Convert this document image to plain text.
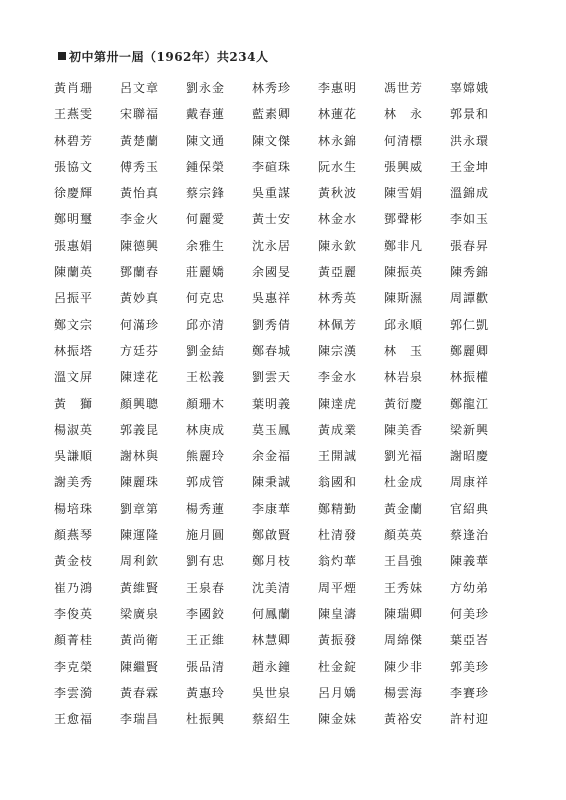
初中第卅一屆（1962年）共234人
黃肖珊	呂文章	劉永金	林秀珍	李惠明	馮世芳	辜嫦娥
王燕雯	宋聯福	戴春蓮	藍素卿	林蓮花	林　永	郭景和
林碧芳	黃楚蘭	陳文通	陳文傑	林永錦	何清標	洪永環
張協文	傅秀玉	鍾保榮	李碹珠	阮水生	張興威	王金坤
徐慶輝	黃怡真	蔡宗鋒	吳重謀	黃秋波	陳雪娟	溫錦成
鄭明璽	李金火	何麗愛	黃士安	林金水	鄧聲彬	李如玉
張惠娟	陳德興	余雅生	沈永居	陳永欽	鄭非凡	張春昇
陳蘭英	鄧蘭春	莊麗嬌	余國旻	黃亞麗	陳振英	陳秀錦
呂振平	黃妙真	何克忠	吳惠祥	林秀英	陳斯濕	周譚歡
鄭文宗	何滿珍	邱亦清	劉秀倩	林佩芳	邱永順	郭仁凱
林振塔	方廷芬	劉金結	鄭春城	陳宗漢	林　玉	鄭麗卿
溫文屏	陳達花	王松義	劉雲天	李金水	林岩泉	林振權
黃　獅	顏興聰	顏珊木	葉明義	陳達虎	黃衍慶	鄭龍江
楊淑英	郭義昆	林庚成	莫玉鳳	黃成業	陳美香	梁新興
吳謙順	謝林與	熊麗玲	余金福	王開誠	劉光福	謝昭慶
謝美秀	陳麗珠	郭成管	陳秉誠	翁國和	杜金成	周康祥
楊培珠	劉章第	楊秀蓮	李康華	鄭精勤	黃金蘭	官紹典
顏燕琴	陳運隆	施月圓	鄭啟賢	杜清發	顏英英	蔡逢治
黃金枝	周利欽	劉有忠	鄭月枝	翁灼華	王昌強	陳義華
崔乃鴻	黃維賢	王泉春	沈美清	周平煙	王秀妹	方幼弟
李俊英	梁廣泉	李國鉸	何鳳蘭	陳皇濤	陳瑞卿	何美珍
顏菁桂	黃尚衛	王正維	林慧卿	黃振發	周綿傑	葉亞峇
李克榮	陳繼賢	張品清	趙永鐘	杜金錠	陳少非	郭美珍
李雲漪	黃春霖	黃惠玲	吳世泉	呂月嬌	楊雲海	李賽珍
王愈福	李瑞昌	杜振興	蔡紹生	陳金妹	黃裕安	許村迎
